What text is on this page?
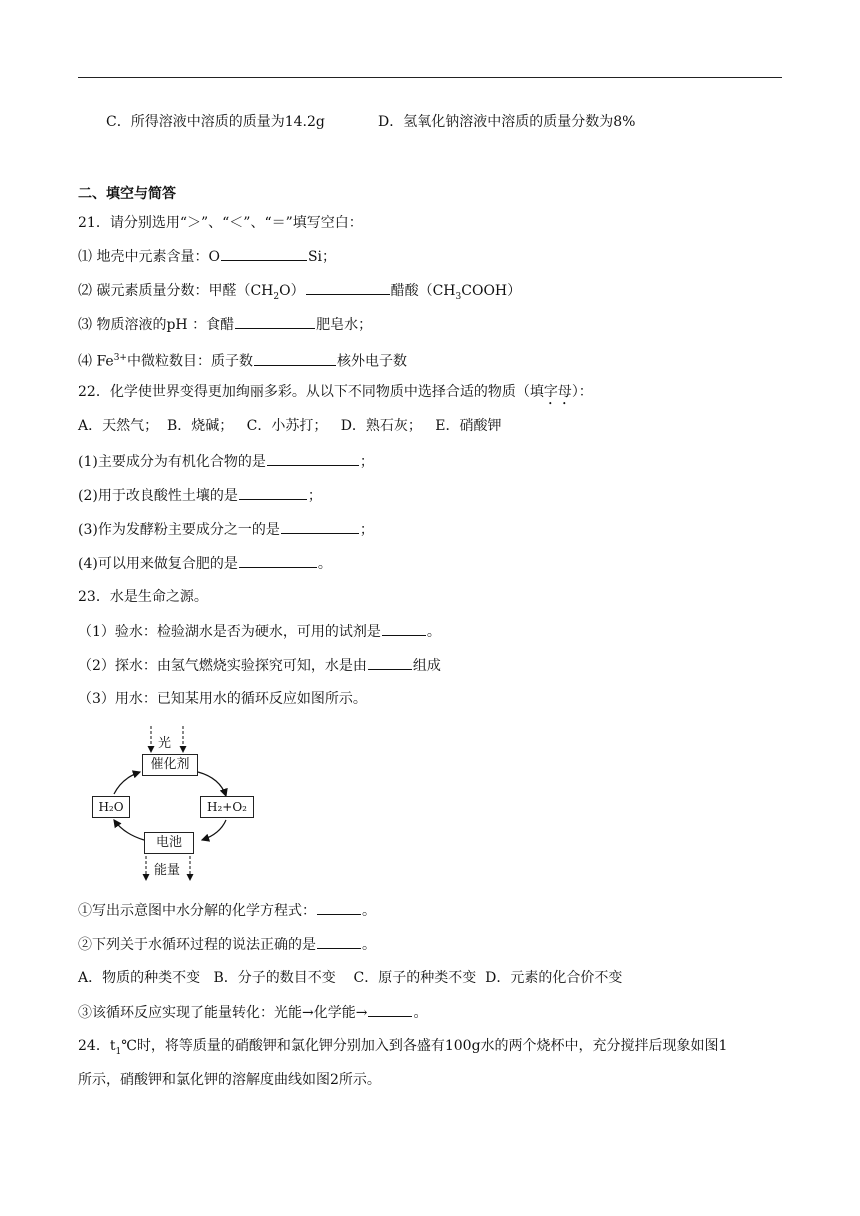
C．所得溶液中溶质的质量为14.2g	D．氢氧化钠溶液中溶质的质量分数为8%
二、填空与简答
21．请分别选用“＞”、“＜”、“＝”填写空白：
⑴ 地壳中元素含量：O	Si；
⑵ 碳元素质量分数：甲醛$(CH_2O)$	醋酸$(CH_3COOH)$
⑶ 物质溶液的pH ：食醋	肥皂水；
⑷ $Fe^{3+}$中微粒数目：质子数	核外电子数
22．化学使世界变得更加绚丽多彩。从以下不同物质中选择合适的物质（填字母）：
A．天然气；  B．烧碱；   C．小苏打；   D．熟石灰；   E．硝酸钾
(1)主要成分为有机化合物的是	；
(2)用于改良酸性土壤的是	；
(3)作为发酵粉主要成分之一的是	；
(4)可以用来做复合肥的是	。
23．水是生命之源。
（1）验水：检验湖水是否为硬水，可用的试剂是	。
（2）探水：由氢气燃烧实验探究可知，水是由	组成
（3）用水：已知某用水的循环反应如图所示。
光
催化剂
H₂O	H₂+O₂
电池
能量
①写出示意图中水分解的化学方程式：	。
②下列关于水循环过程的说法正确的是	。
A．物质的种类不变   B．分子的数目不变    C．原子的种类不变  D．元素的化合价不变
③该循环反应实现了能量转化：光能→化学能→	。
24．$t_1℃$时，将等质量的硝酸钾和氯化钾分别加入到各盛有100g水的两个烧杯中，充分搅拌后现象如图1
所示，硝酸钾和氯化钾的溶解度曲线如图2所示。
